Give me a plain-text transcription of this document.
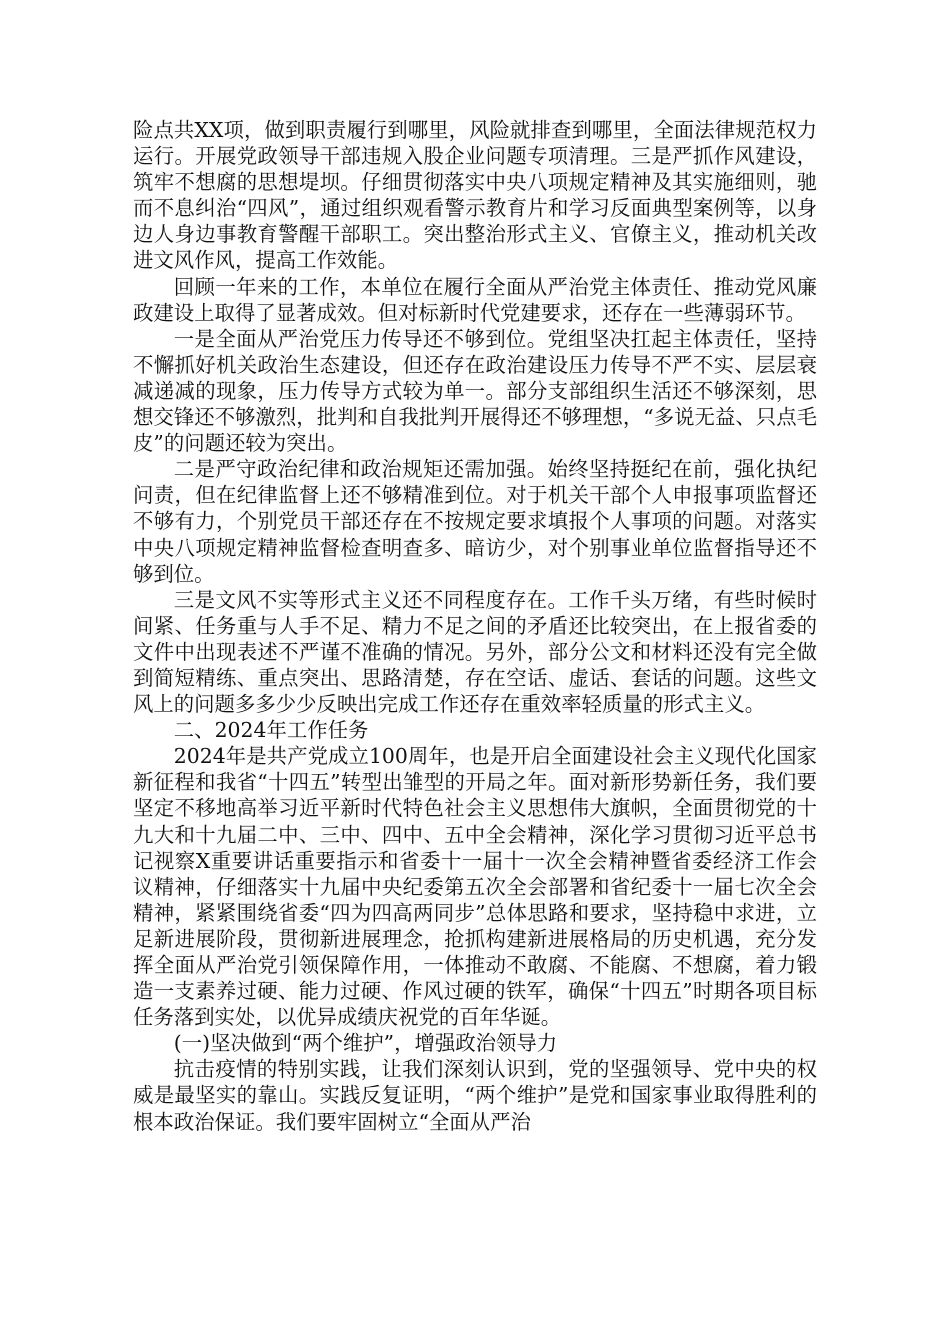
险点共XX项，做到职责履行到哪里，风险就排查到哪里，全面法律规范权力运行。开展党政领导干部违规入股企业问题专项清理。三是严抓作风建设，筑牢不想腐的思想堤坝。仔细贯彻落实中央八项规定精神及其实施细则，驰而不息纠治“四风”，通过组织观看警示教育片和学习反面典型案例等，以身边人身边事教育警醒干部职工。突出整治形式主义、官僚主义，推动机关改进文风作风，提高工作效能。

回顾一年来的工作，本单位在履行全面从严治党主体责任、推动党风廉政建设上取得了显著成效。但对标新时代党建要求，还存在一些薄弱环节。

一是全面从严治党压力传导还不够到位。党组坚决扛起主体责任，坚持不懈抓好机关政治生态建设，但还存在政治建设压力传导不严不实、层层衰减递减的现象，压力传导方式较为单一。部分支部组织生活还不够深刻，思想交锋还不够激烈，批判和自我批判开展得还不够理想，“多说无益、只点毛皮”的问题还较为突出。

二是严守政治纪律和政治规矩还需加强。始终坚持挺纪在前，强化执纪问责，但在纪律监督上还不够精准到位。对于机关干部个人申报事项监督还不够有力，个别党员干部还存在不按规定要求填报个人事项的问题。对落实中央八项规定精神监督检查明查多、暗访少，对个别事业单位监督指导还不够到位。

三是文风不实等形式主义还不同程度存在。工作千头万绪，有些时候时间紧、任务重与人手不足、精力不足之间的矛盾还比较突出，在上报省委的文件中出现表述不严谨不准确的情况。另外，部分公文和材料还没有完全做到简短精练、重点突出、思路清楚，存在空话、虚话、套话的问题。这些文风上的问题多多少少反映出完成工作还存在重效率轻质量的形式主义。

二、2024年工作任务

2024年是共产党成立100周年，也是开启全面建设社会主义现代化国家新征程和我省“十四五”转型出雏型的开局之年。面对新形势新任务，我们要坚定不移地高举习近平新时代特色社会主义思想伟大旗帜，全面贯彻党的十九大和十九届二中、三中、四中、五中全会精神，深化学习贯彻习近平总书记视察X重要讲话重要指示和省委十一届十一次全会精神暨省委经济工作会议精神，仔细落实十九届中央纪委第五次全会部署和省纪委十一届七次全会精神，紧紧围绕省委“四为四高两同步”总体思路和要求，坚持稳中求进，立足新进展阶段，贯彻新进展理念，抢抓构建新进展格局的历史机遇，充分发挥全面从严治党引领保障作用，一体推动不敢腐、不能腐、不想腐，着力锻造一支素养过硬、能力过硬、作风过硬的铁军，确保“十四五”时期各项目标任务落到实处，以优异成绩庆祝党的百年华诞。

(一)坚决做到“两个维护”，增强政治领导力

抗击疫情的特别实践，让我们深刻认识到，党的坚强领导、党中央的权威是最坚实的靠山。实践反复证明，“两个维护”是党和国家事业取得胜利的根本政治保证。我们要牢固树立“全面从严治
